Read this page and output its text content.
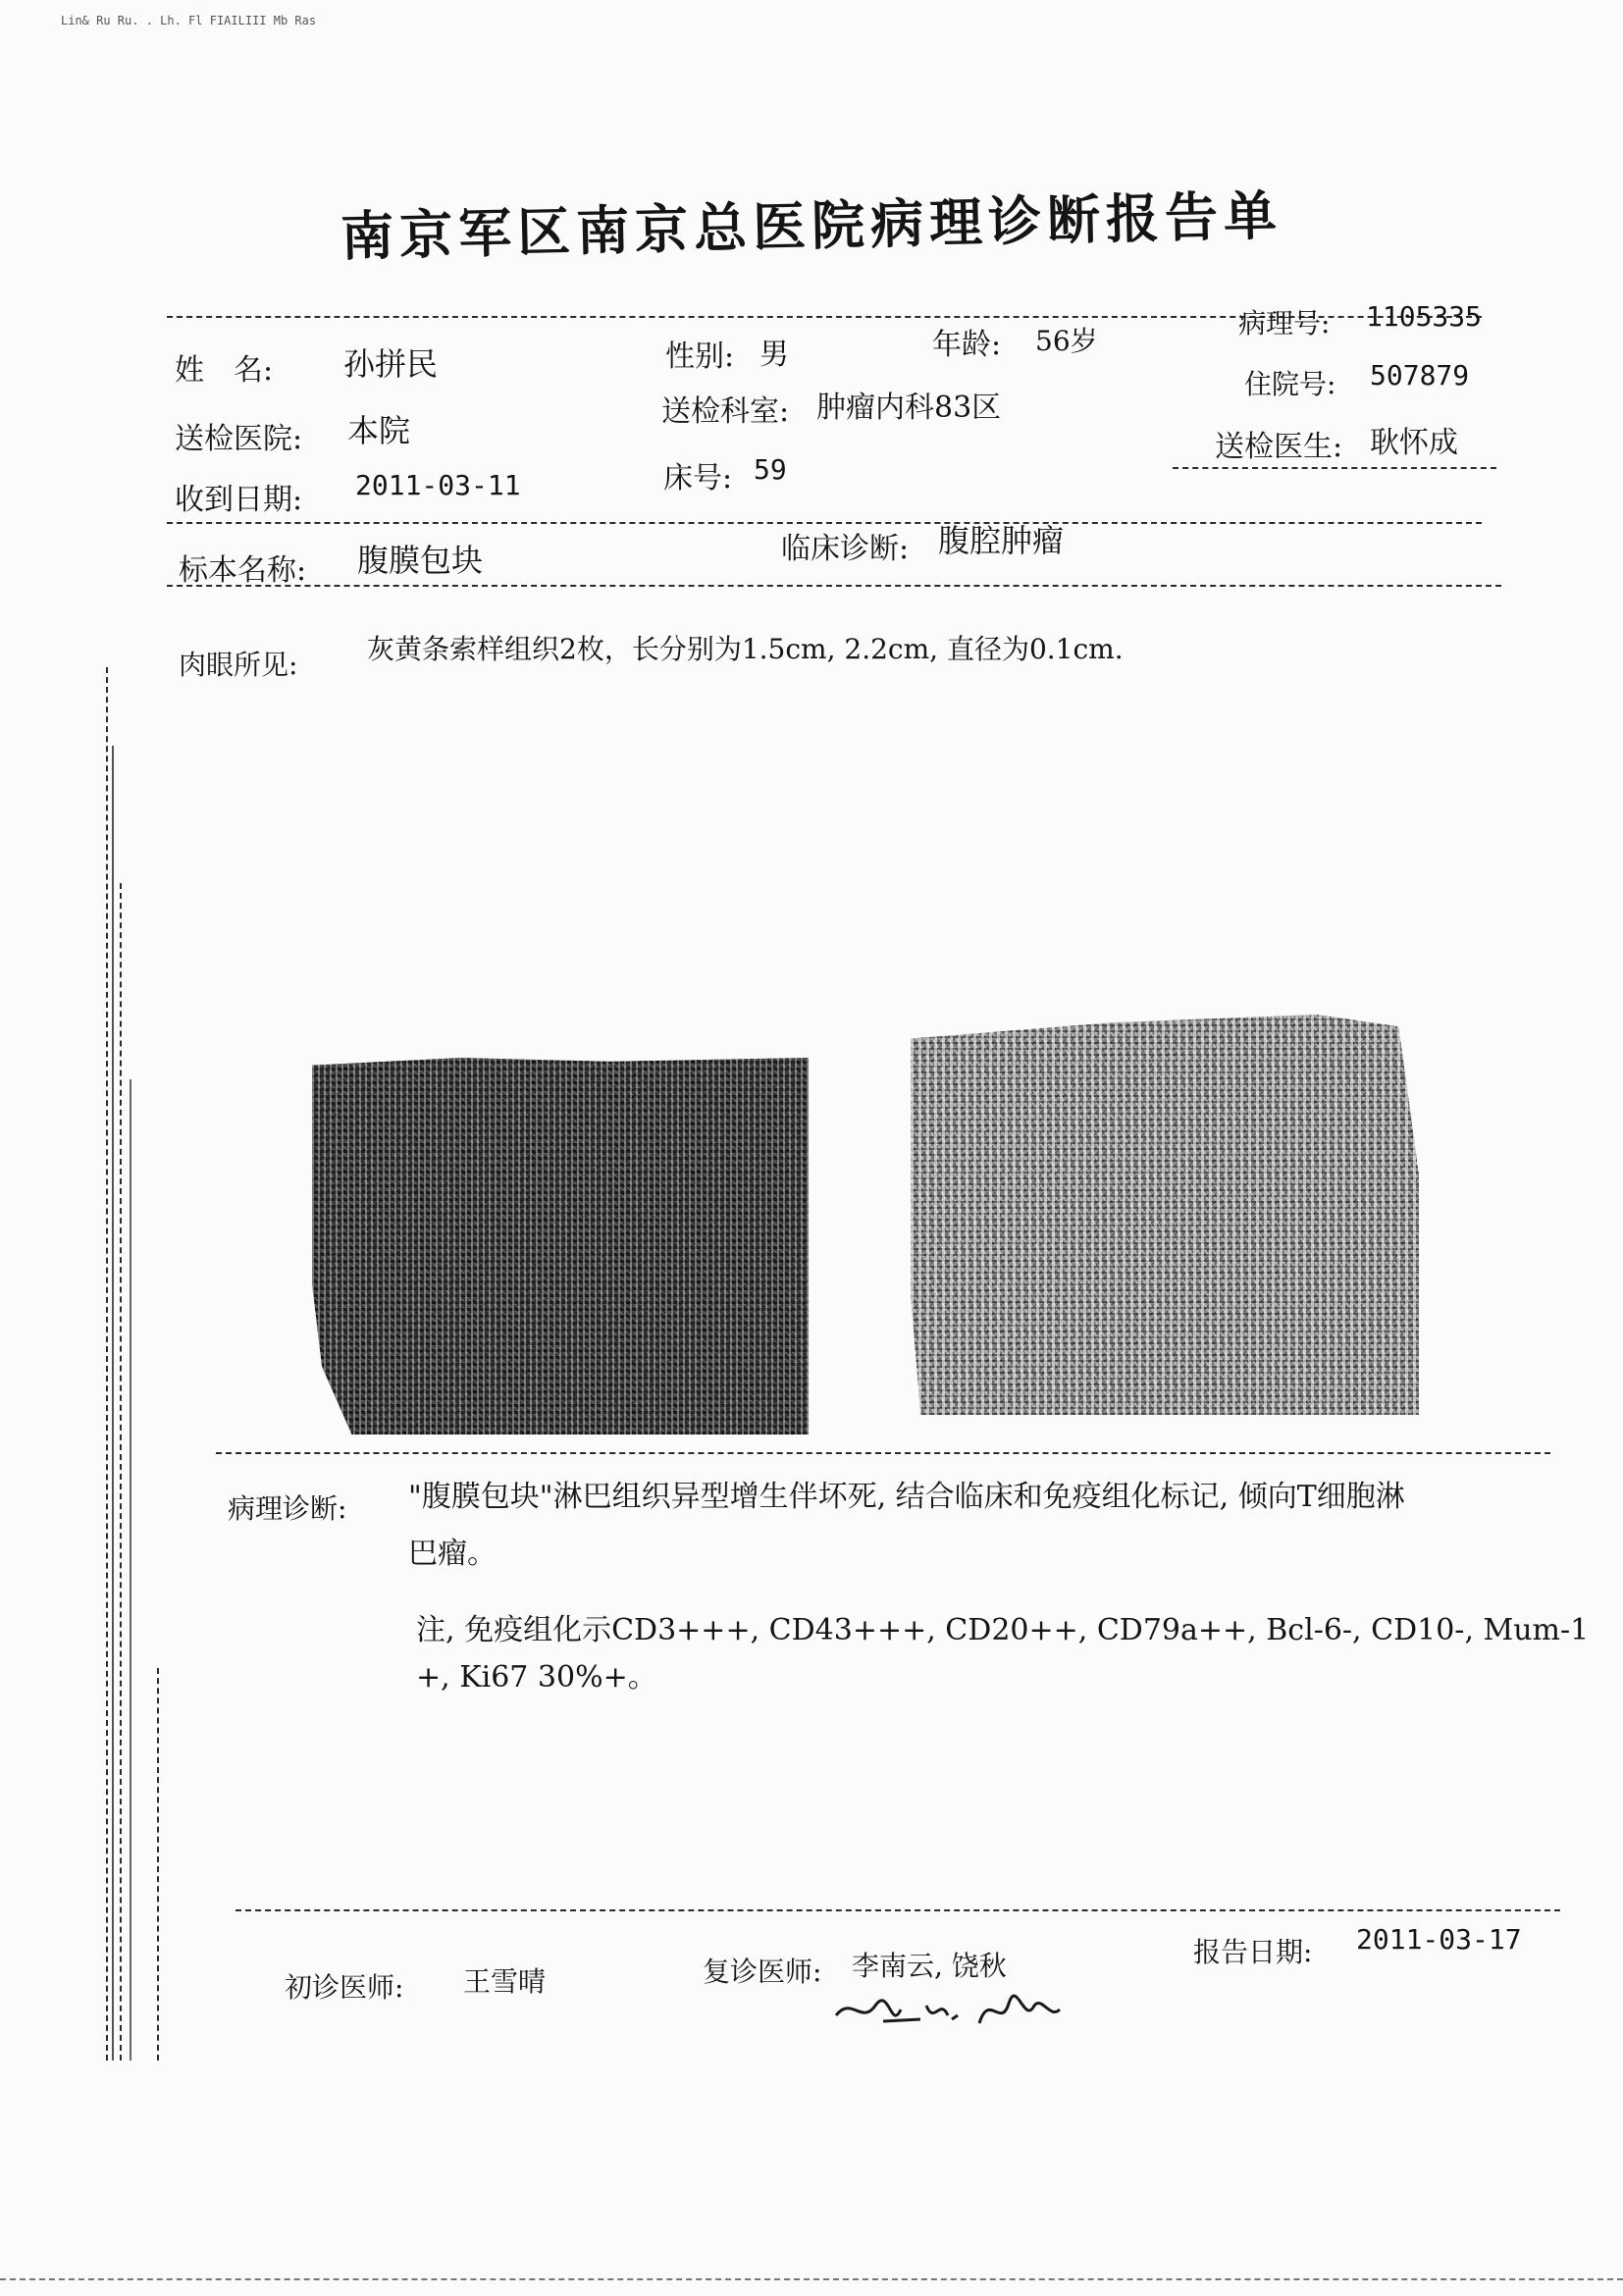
Lin& Ru Ru. . Lh. Fl FIAILIII Mb Ras
南京军区南京总医院病理诊断报告单
姓　名: 孙拼民	性别: 男	年龄: 56岁
病理号: 1105335
住院号: 507879
送检医院: 本院
送检科室: 肿瘤内科83区
送检医生: 耿怀成
收到日期: 2011-03-11	床号: 59
标本名称: 腹膜包块	临床诊断: 腹腔肿瘤
肉眼所见:	灰黄条索样组织2枚，长分别为1.5cm, 2.2cm, 直径为0.1cm.
病理诊断: "腹膜包块"淋巴组织异型增生伴坏死, 结合临床和免疫组化标记, 倾向T细胞淋
巴瘤。
注, 免疫组化示CD3+++, CD43+++, CD20++, CD79a++, Bcl-6-, CD10-, Mum-1
+, Ki67 30%+。
初诊医师: 王雪晴	复诊医师: 李南云, 饶秋	报告日期: 2011-03-17
